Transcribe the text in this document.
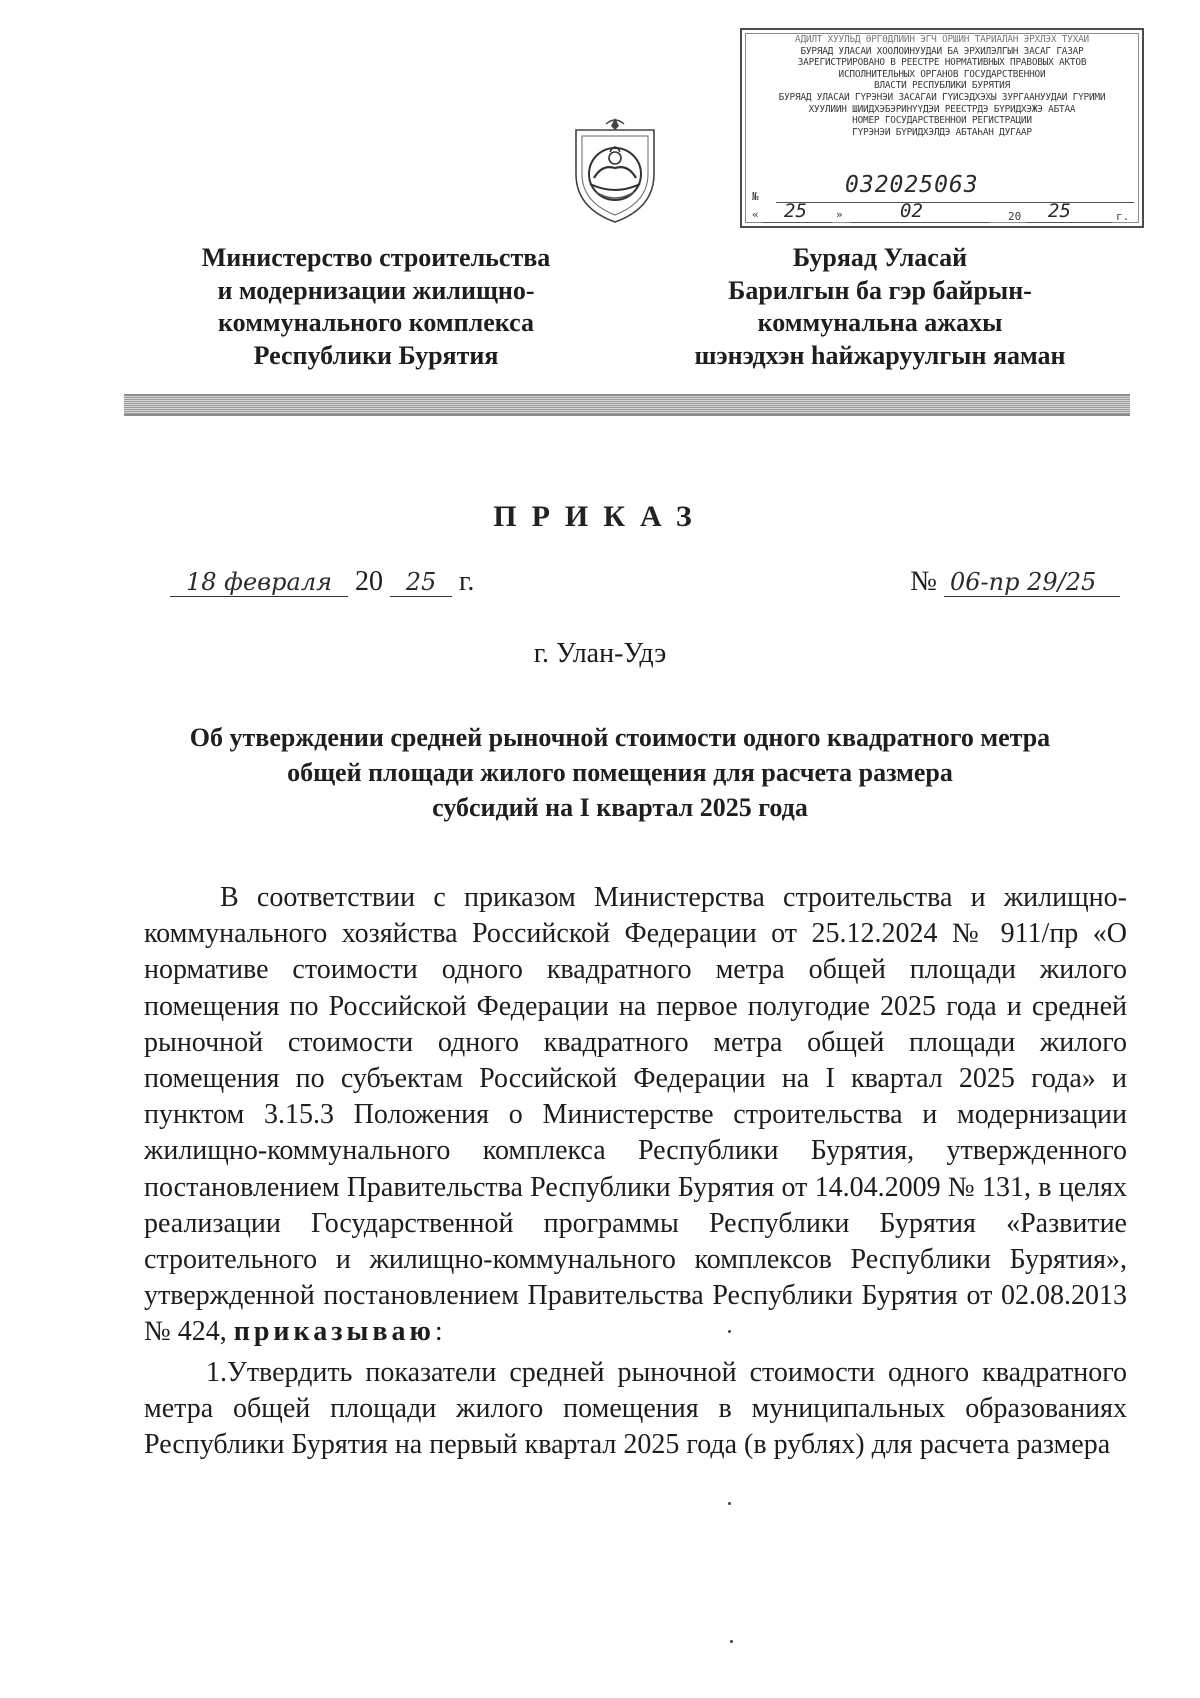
АДИЛТ ХУУЛЬД ӨРГӨДЛИЙН ЭГЧ ОРШИН ТАРИАЛАН ЭРХЛЭХ ТУХАЙ
БУРЯАД УЛАСАЙ ХООЛОЙНУУДАЙ БА ЭРХИЛЭЛГЫН ЗАСАГ ГАЗАР
ЗАРЕГИСТРИРОВАНО В РЕЕСТРЕ НОРМАТИВНЫХ ПРАВОВЫХ АКТОВ
ИСПОЛНИТЕЛЬНЫХ ОРГАНОВ ГОСУДАРСТВЕННОЙ
ВЛАСТИ РЕСПУБЛИКИ БУРЯТИЯ
БУРЯАД УЛАСАЙ ГҮРЭНЭЙ ЗАСАГАЙ ГҮЙСЭДХЭХЫ ЗУРГААНУУДАЙ ГҮРИМИ
ХУУЛИИН ШИИДХЭБЭРИНҮҮДЭЙ РЕЕСТРДЭ БҮРИДХЭЖЭ АБТАА
НОМЕР ГОСУДАРСТВЕННОЙ РЕГИСТРАЦИИ
ГҮРЭНЭЙ БҮРИДХЭЛДЭ АБТАҺАН ДУГААР
№	032025063
« 25	»	02	20 25	г.
Министерство строительства
и модернизации жилищно-
коммунального комплекса
Республики Бурятия
Буряад Уласай
Барилгын ба гэр байрын-
коммунальна ажахы
шэнэдхэн һайжаруулгын яаман
ПРИКАЗ
18 февраля 20 25 г.	№ 06-пр 29/25
г. Улан-Удэ
Об утверждении средней рыночной стоимости одного квадратного метра
общей площади жилого помещения для расчета размера
субсидий на I квартал 2025 года

В соответствии с приказом Министерства строительства и жилищно-коммунального хозяйства Российской Федерации от 25.12.2024 № 911/пр «О нормативе стоимости одного квадратного метра общей площади жилого помещения по Российской Федерации на первое полугодие 2025 года и средней рыночной стоимости одного квадратного метра общей площади жилого помещения по субъектам Российской Федерации на I квартал 2025 года» и пунктом 3.15.3 Положения о Министерстве строительства и модернизации жилищно-коммунального комплекса Республики Бурятия, утвержденного постановлением Правительства Республики Бурятия от 14.04.2009 № 131, в целях реализации Государственной программы Республики Бурятия «Развитие строительного и жилищно-коммунального комплексов Республики Бурятия», утвержденной постановлением Правительства Республики Бурятия от 02.08.2013 № 424, приказываю:

1.Утвердить показатели средней рыночной стоимости одного квадратного метра общей площади жилого помещения в муниципальных образованиях Республики Бурятия на первый квартал 2025 года (в рублях) для расчета размера
